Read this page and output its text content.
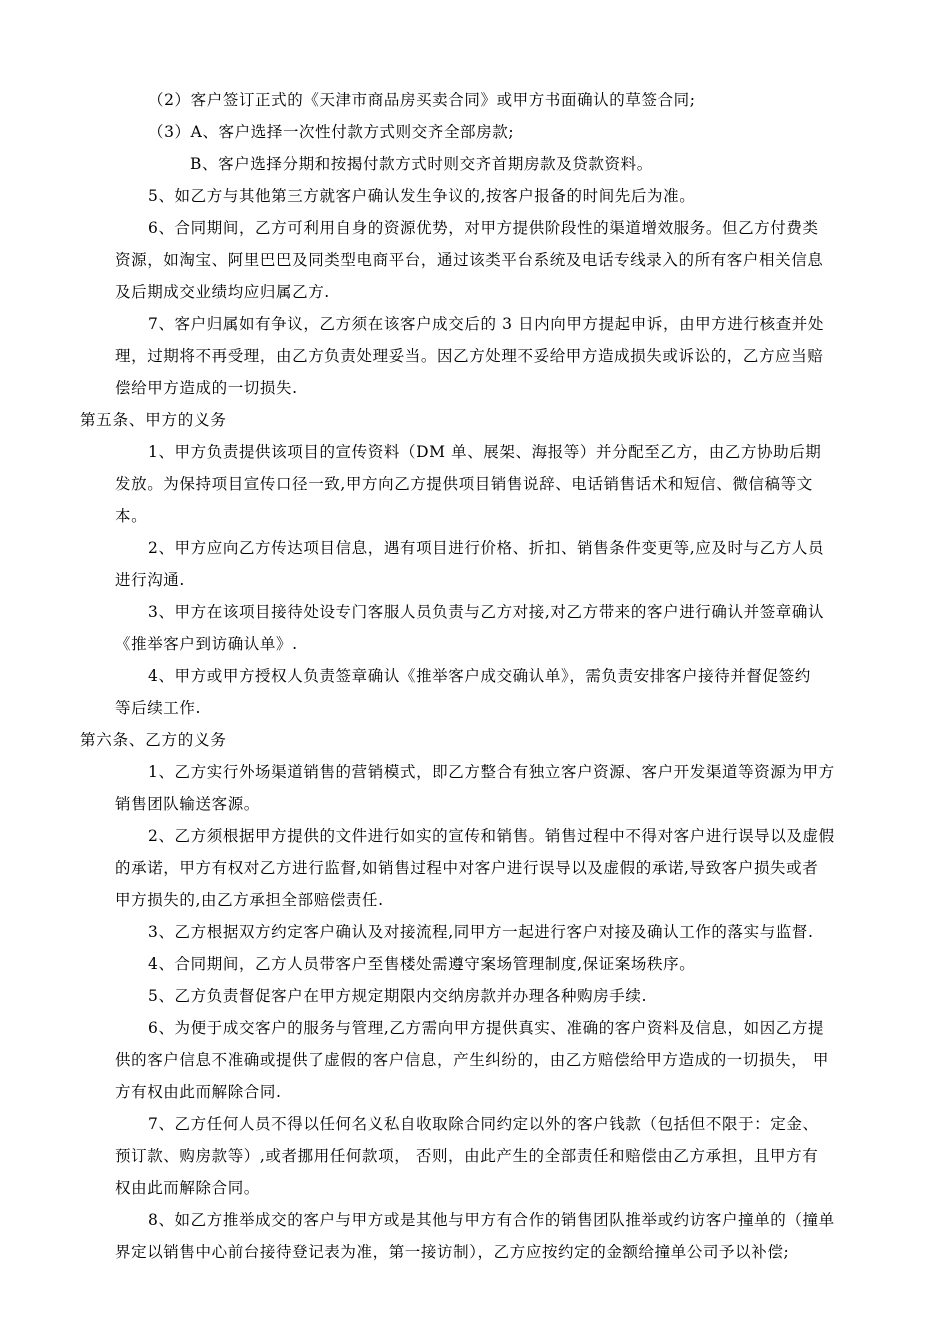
（2）客户签订正式的《天津市商品房买卖合同》或甲方书面确认的草签合同;
（3）A、客户选择一次性付款方式则交齐全部房款;
B、客户选择分期和按揭付款方式时则交齐首期房款及贷款资料。
5、如乙方与其他第三方就客户确认发生争议的,按客户报备的时间先后为准。
6、合同期间，乙方可利用自身的资源优势，对甲方提供阶段性的渠道增效服务。但乙方付费类
资源，如淘宝、阿里巴巴及同类型电商平台，通过该类平台系统及电话专线录入的所有客户相关信息
及后期成交业绩均应归属乙方.
7、客户归属如有争议，乙方须在该客户成交后的 3 日内向甲方提起申诉，由甲方进行核查并处
理，过期将不再受理，由乙方负责处理妥当。因乙方处理不妥给甲方造成损失或诉讼的，乙方应当赔
偿给甲方造成的一切损失.
第五条、甲方的义务
1、甲方负责提供该项目的宣传资料（DM 单、展架、海报等）并分配至乙方，由乙方协助后期
发放。为保持项目宣传口径一致,甲方向乙方提供项目销售说辞、电话销售话术和短信、微信稿等文
本。
2、甲方应向乙方传达项目信息，遇有项目进行价格、折扣、销售条件变更等,应及时与乙方人员
进行沟通.
3、甲方在该项目接待处设专门客服人员负责与乙方对接,对乙方带来的客户进行确认并签章确认
《推举客户到访确认单》.
4、甲方或甲方授权人负责签章确认《推举客户成交确认单》，需负责安排客户接待并督促签约
等后续工作.
第六条、乙方的义务
1、乙方实行外场渠道销售的营销模式，即乙方整合有独立客户资源、客户开发渠道等资源为甲方
销售团队输送客源。
2、乙方须根据甲方提供的文件进行如实的宣传和销售。销售过程中不得对客户进行误导以及虚假
的承诺，甲方有权对乙方进行监督,如销售过程中对客户进行误导以及虚假的承诺,导致客户损失或者
甲方损失的,由乙方承担全部赔偿责任.
3、乙方根据双方约定客户确认及对接流程,同甲方一起进行客户对接及确认工作的落实与监督.
4、合同期间，乙方人员带客户至售楼处需遵守案场管理制度,保证案场秩序。
5、乙方负责督促客户在甲方规定期限内交纳房款并办理各种购房手续.
6、为便于成交客户的服务与管理,乙方需向甲方提供真实、准确的客户资料及信息，如因乙方提
供的客户信息不准确或提供了虚假的客户信息，产生纠纷的，由乙方赔偿给甲方造成的一切损失， 甲
方有权由此而解除合同.
7、乙方任何人员不得以任何名义私自收取除合同约定以外的客户钱款（包括但不限于：定金、
预订款、购房款等）,或者挪用任何款项， 否则，由此产生的全部责任和赔偿由乙方承担，且甲方有
权由此而解除合同。
8、如乙方推举成交的客户与甲方或是其他与甲方有合作的销售团队推举或约访客户撞单的（撞单
界定以销售中心前台接待登记表为准，第一接访制），乙方应按约定的金额给撞单公司予以补偿;
